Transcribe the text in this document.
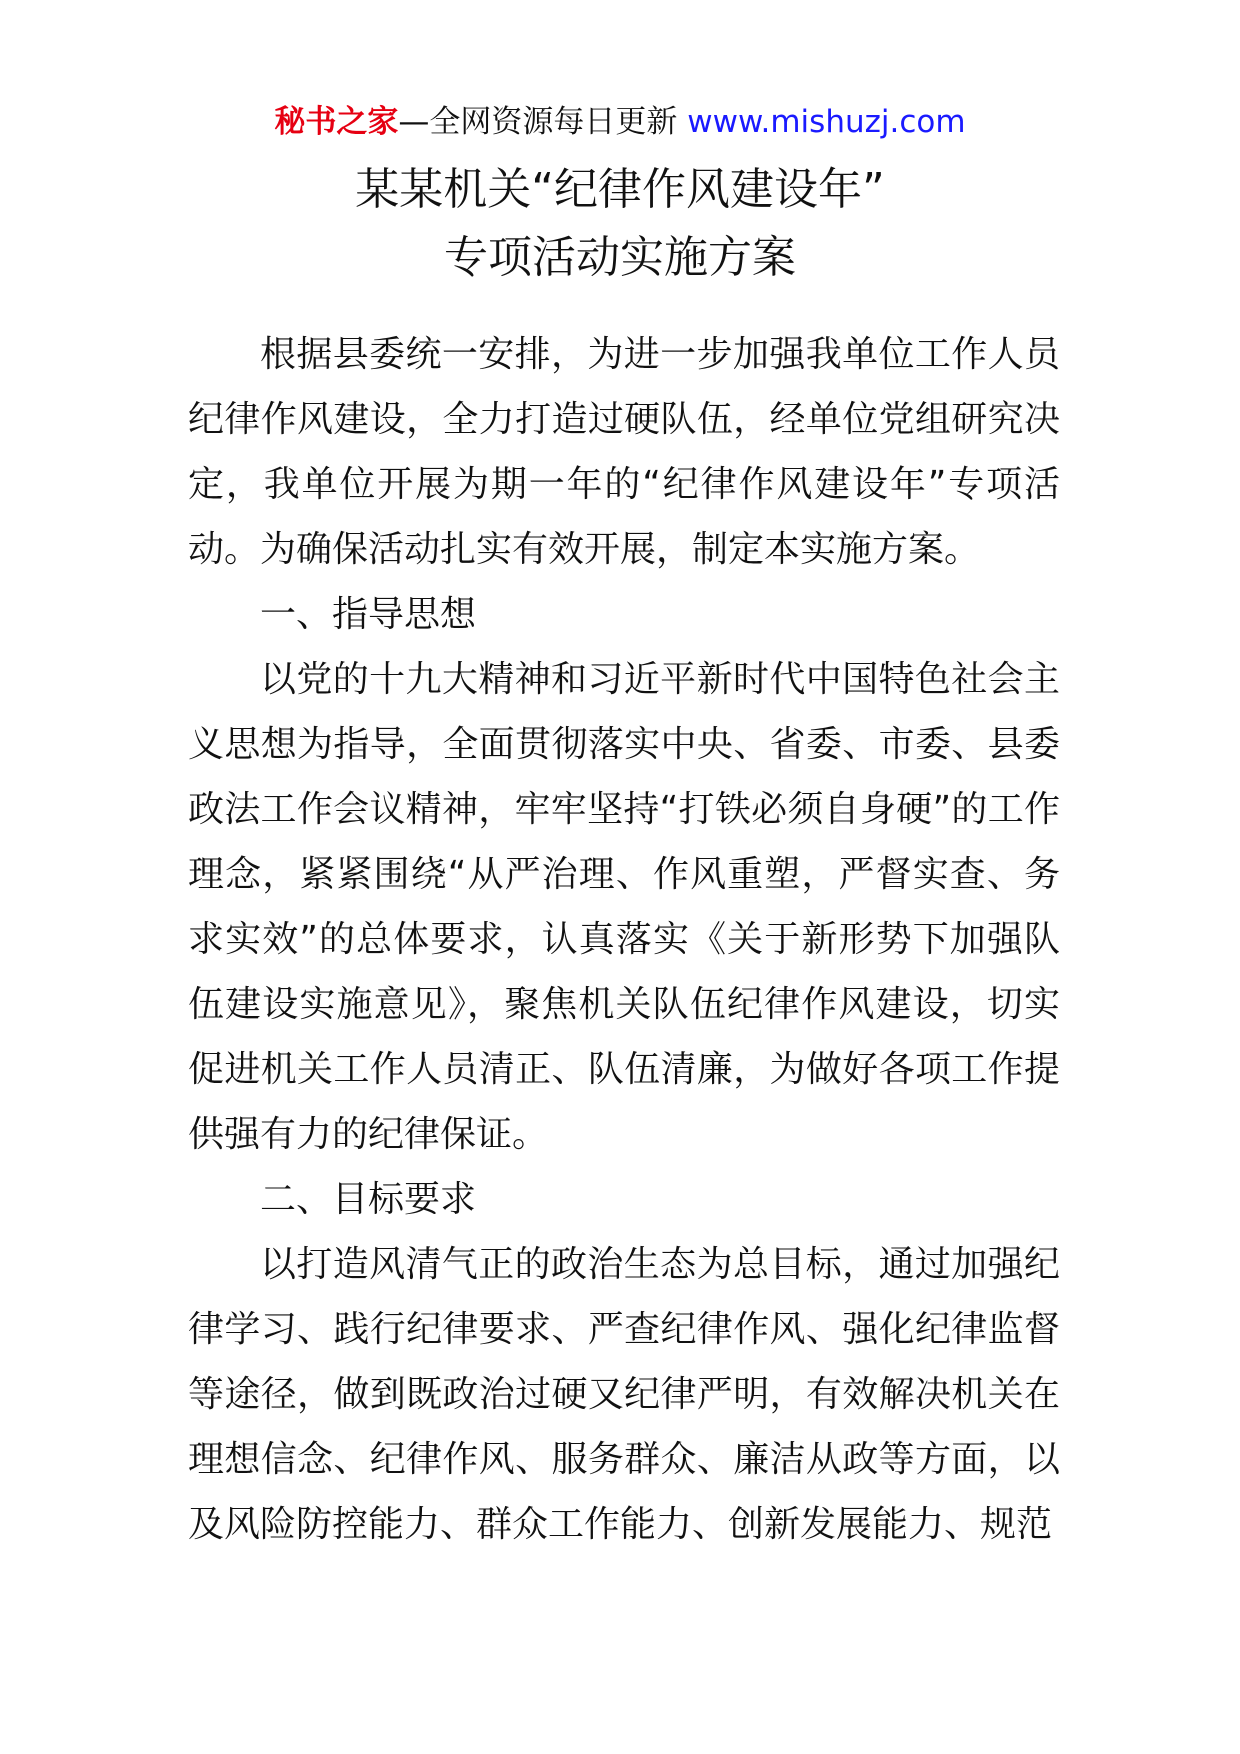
秘书之家—全网资源每日更新 www.mishuzj.com
某某机关“纪律作风建设年”
专项活动实施方案

根据县委统一安排，为进一步加强我单位工作人员纪律作风建设，全力打造过硬队伍，经单位党组研究决定，我单位开展为期一年的“纪律作风建设年”专项活动。为确保活动扎实有效开展，制定本实施方案。

一、指导思想

以党的十九大精神和习近平新时代中国特色社会主义思想为指导，全面贯彻落实中央、省委、市委、县委政法工作会议精神，牢牢坚持“打铁必须自身硬”的工作理念，紧紧围绕“从严治理、作风重塑，严督实查、务求实效”的总体要求，认真落实《关于新形势下加强队伍建设实施意见》，聚焦机关队伍纪律作风建设，切实促进机关工作人员清正、队伍清廉，为做好各项工作提供强有力的纪律保证。

二、目标要求

以打造风清气正的政治生态为总目标，通过加强纪律学习、践行纪律要求、严查纪律作风、强化纪律监督等途径，做到既政治过硬又纪律严明，有效解决机关在理想信念、纪律作风、服务群众、廉洁从政等方面，以及风险防控能力、群众工作能力、创新发展能力、规范
